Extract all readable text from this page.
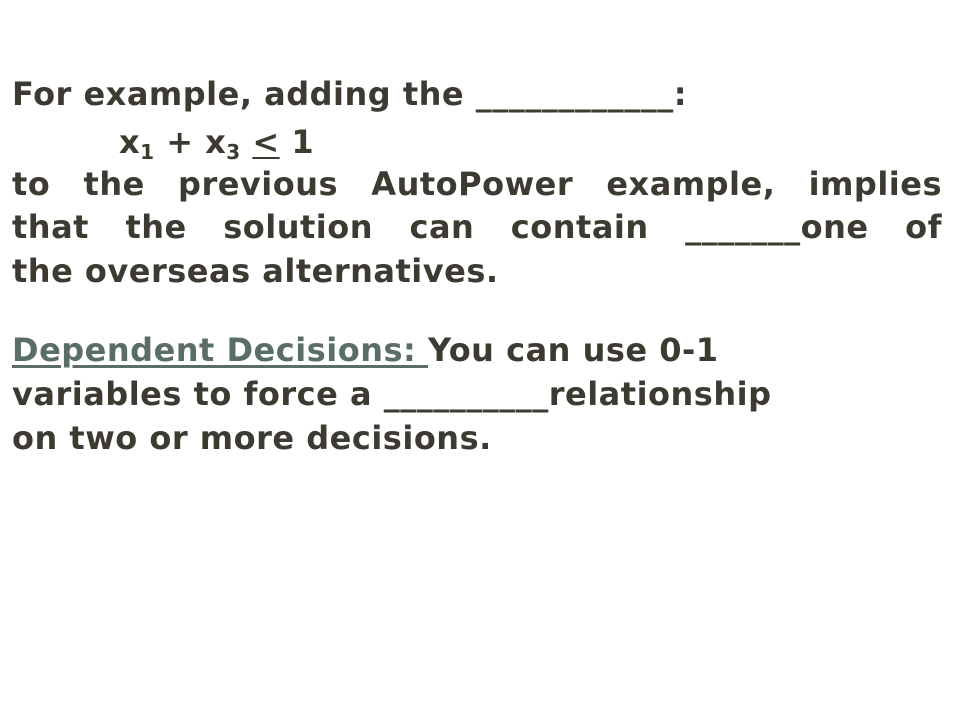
For example, adding the ____________:
$x_1 + x_3 < 1$
to the previous AutoPower example, implies
that the solution can contain _______one of
the overseas alternatives.
Dependent Decisions: You can use 0-1
variables to force a __________relationship
on two or more decisions.
